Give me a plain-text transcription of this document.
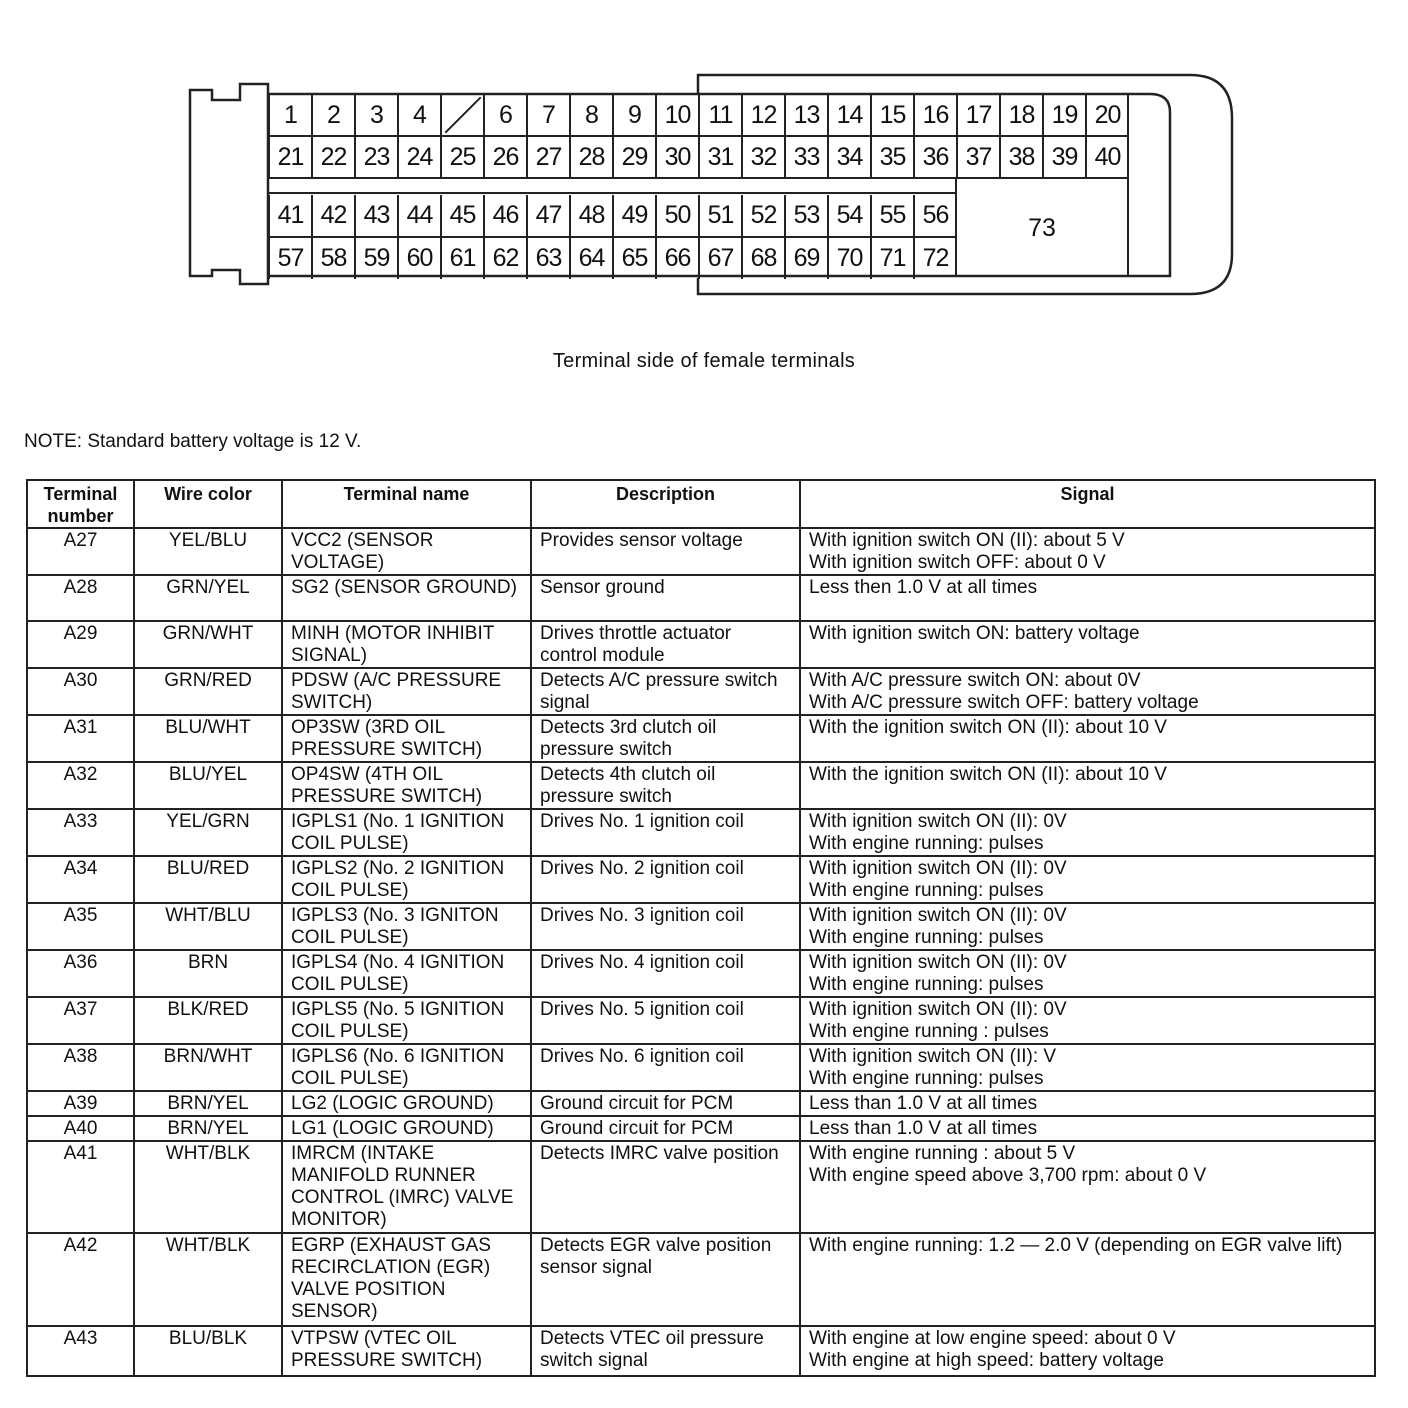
1	2	3	4	6	7	8	9 10 11 12 13 14 15 16 17 18 19 20
21 22 23 24 25 26 27 28 29 30 31 32 33 34 35 36 37 38 39 40
41 42 43 44 45 46 47 48 49 50 51 52 53 54 55 56
57 58 59 60 61 62 63 64 65 66 67 68 69 70 71 72
73
Terminal side of female terminals
NOTE: Standard battery voltage is 12 V.
Terminal number	Wire color	Terminal name	Description	Signal
A27	YEL/BLU	VCC2 (SENSOR VOLTAGE)	Provides sensor voltage	With ignition switch ON (II): about 5 V
With ignition switch OFF: about 0 V

A28	GRN/YEL	SG2 (SENSOR GROUND)	Sensor ground	Less then 1.0 V at all times

A29	GRN/WHT	MINH (MOTOR INHIBIT SIGNAL)	Drives throttle actuator control module	With ignition switch ON: battery voltage

A30	GRN/RED	PDSW (A/C PRESSURE SWITCH)	Detects A/C pressure switch signal	With A/C pressure switch ON: about 0V
With A/C pressure switch OFF: battery voltage

A31	BLU/WHT	OP3SW (3RD OIL PRESSURE SWITCH)	Detects 3rd clutch oil pressure switch	With the ignition switch ON (II): about 10 V

A32	BLU/YEL	OP4SW (4TH OIL PRESSURE SWITCH)	Detects 4th clutch oil pressure switch	With the ignition switch ON (II): about 10 V

A33	YEL/GRN	IGPLS1 (No. 1 IGNITION COIL PULSE)	Drives No. 1 ignition coil	With ignition switch ON (II): 0V
With engine running: pulses

A34	BLU/RED	IGPLS2 (No. 2 IGNITION COIL PULSE)	Drives No. 2 ignition coil	With ignition switch ON (II): 0V
With engine running: pulses

A35	WHT/BLU	IGPLS3 (No. 3 IGNITON COIL PULSE)	Drives No. 3 ignition coil	With ignition switch ON (II): 0V
With engine running: pulses

A36	BRN	IGPLS4 (No. 4 IGNITION COIL PULSE)	Drives No. 4 ignition coil	With ignition switch ON (II): 0V
With engine running: pulses

A37	BLK/RED	IGPLS5 (No. 5 IGNITION COIL PULSE)	Drives No. 5 ignition coil	With ignition switch ON (II): 0V
With engine running : pulses

A38	BRN/WHT	IGPLS6 (No. 6 IGNITION COIL PULSE)	Drives No. 6 ignition coil	With ignition switch ON (II): V
With engine running: pulses

A39	BRN/YEL	LG2 (LOGIC GROUND)	Ground circuit for PCM	Less than 1.0 V at all times

A40	BRN/YEL	LG1 (LOGIC GROUND)	Ground circuit for PCM	Less than 1.0 V at all times

A41	WHT/BLK	IMRCM (INTAKE MANIFOLD RUNNER CONTROL (IMRC) VALVE MONITOR)	Detects IMRC valve position	With engine running : about 5 V
With engine speed above 3,700 rpm: about 0 V

A42	WHT/BLK	EGRP (EXHAUST GAS RECIRCLATION (EGR) VALVE POSITION SENSOR)	Detects EGR valve position sensor signal	With engine running: 1.2 — 2.0 V (depending on EGR valve lift)

A43	BLU/BLK	VTPSW (VTEC OIL PRESSURE SWITCH)	Detects VTEC oil pressure switch signal	With engine at low engine speed: about 0 V
With engine at high speed: battery voltage
